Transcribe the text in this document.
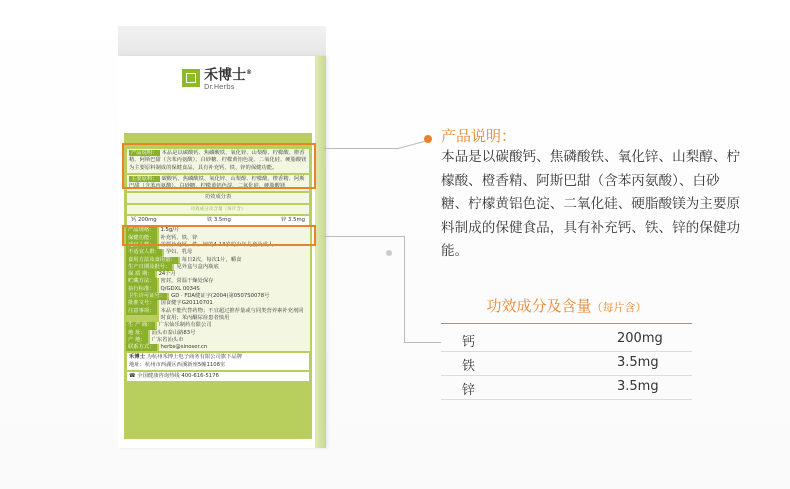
禾博士®
Dr.Herbs
产品说明： 本品是以碳酸钙、焦磷酸铁、氧化锌、山梨醇、柠檬酸、橙香精、阿斯巴甜（含苯丙氨酸）、白砂糖、柠檬黄铝色淀、二氧化硅、硬脂酸镁为主要原料制成的保健食品，具有补充钙、铁、锌的保健功能。
主要原料： 碳酸钙、焦磷酸铁、氧化锌、山梨醇、柠檬酸、橙香精、阿斯巴甜（含苯丙氨酸）、白砂糖、柠檬黄铝色淀、二氧化硅、硬脂酸镁
功效成分表
功效成分及含量（每片含）
钙 200mg	铁 3.5mg	锌 3.5mg
产品规格：	1.5g/片
保健功能：	补充钙、铁、锌
适宜人群：	需要补充钙、铁、锌的4-13岁的少年儿童及成人
不适宜人群：	孕妇、乳母
食用方法及食用量：	每日2次，每次1片，嚼食
生产日期及批号：	见外盒与盒内瓶底
保 质 期：	24个月
贮藏方法：	密封，常温干燥处保存
执行标准：	Q/GDXL 0034S
卫生许可证号：	GD · FDA健证字(2004)第0507S0078号
批准文号：	国食健字G20110701
注意事项：	本品不能代替药物；不宜超过推荐量或与同类营养素补充剂同时食用；苯丙酮尿症患者慎用
生 产 商：	广东仙乐制药有限公司
地 址：	汕头市泰山路83号
产 地：	广东省汕头市
联系方式：	herbs@sinoser.cn
禾博士 为杭州禾博士电子商务有限公司旗下品牌
地址：杭州市西湖区西溪新座5幢1108室
☎ 全国健康咨询热线 400-616-5176
产品说明：
本品是以碳酸钙、焦磷酸铁、氧化锌、山梨醇、柠檬酸、橙香精、阿斯巴甜（含苯丙氨酸）、白砂糖、柠檬黄铝色淀、二氧化硅、硬脂酸镁为主要原料制成的保健食品，具有补充钙、铁、锌的保健功能。
功效成分及含量（每片含）
钙	200mg
铁	3.5mg
锌	3.5mg
